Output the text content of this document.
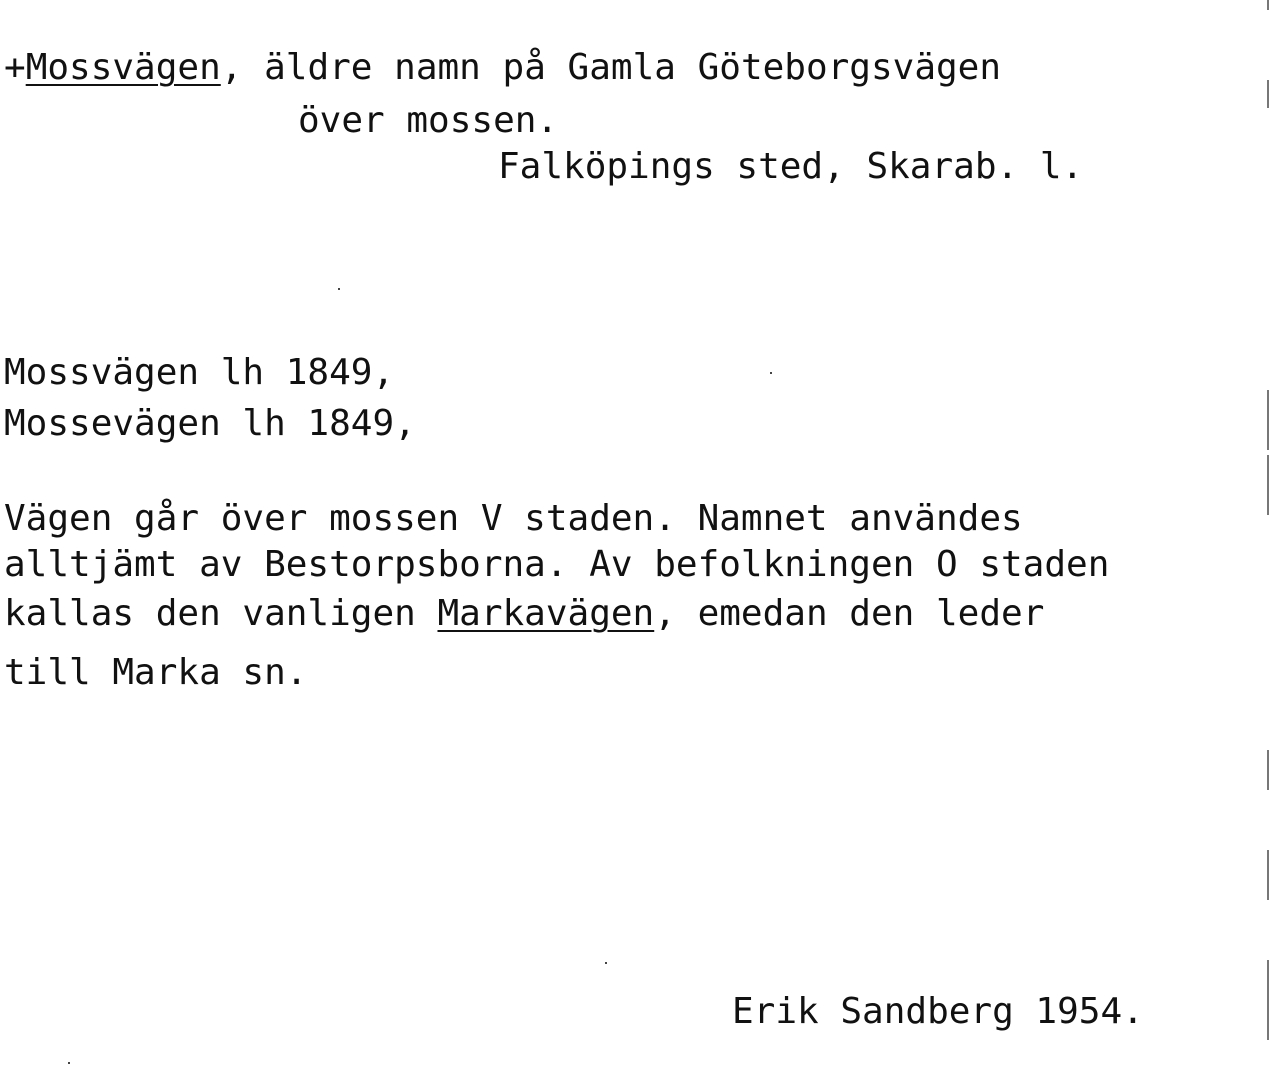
+Mossvägen, äldre namn på Gamla Göteborgsvägen
över mossen.
Falköpings sted, Skarab. l.
Mossvägen lh 1849,
Mossevägen lh 1849,
Vägen går över mossen V staden. Namnet användes
alltjämt av Bestorpsborna. Av befolkningen O staden
kallas den vanligen Markavägen, emedan den leder
till Marka sn.
Erik Sandberg 1954.
